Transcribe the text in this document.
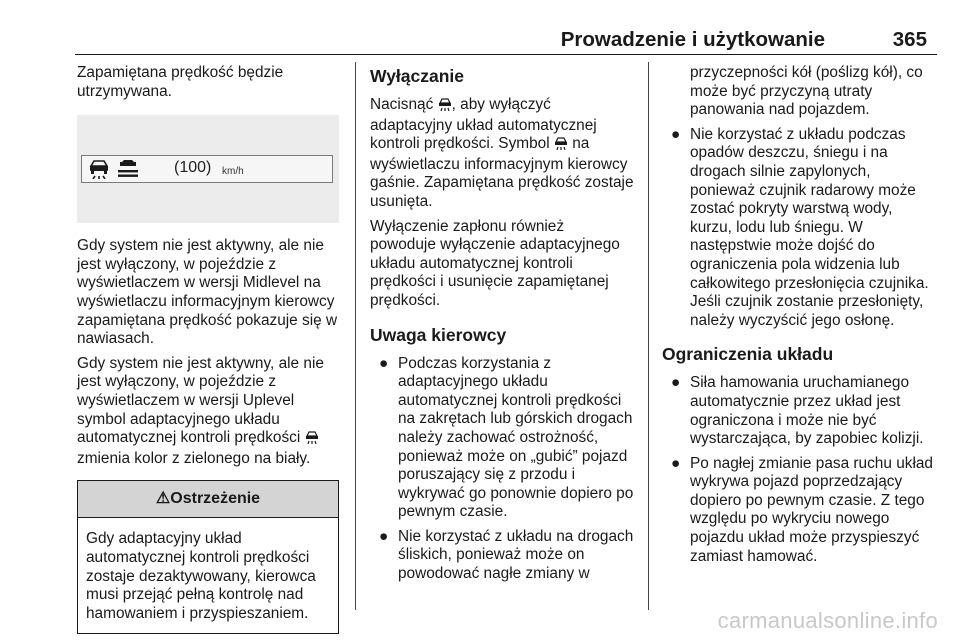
Prowadzenie i użytkowanie	365

Zapamiętana prędkość będzie utrzymywana.

(100) km/h

Gdy system nie jest aktywny, ale nie jest wyłączony, w pojeździe z wyświetlaczem w wersji Midlevel na wyświetlaczu informacyjnym kierowcy zapamiętana prędkość pokazuje się w nawiasach.

Gdy system nie jest aktywny, ale nie jest wyłączony, w pojeździe z wyświetlaczem w wersji Uplevel symbol adaptacyjnego układu automatycznej kontroli prędkości  zmienia kolor z zielonego na biały.

⚠Ostrzeżenie
Gdy adaptacyjny układ automatycznej kontroli prędkości zostaje dezaktywowany, kierowca musi przejąć pełną kontrolę nad hamowaniem i przyspieszaniem.
Wyłączanie

Nacisnąć , aby wyłączyć adaptacyjny układ automatycznej kontroli prędkości. Symbol na wyświetlaczu informacyjnym kierowcy gaśnie. Zapamiętana prędkość zostaje usunięta.

Wyłączenie zapłonu również powoduje wyłączenie adaptacyjnego układu automatycznej kontroli prędkości i usunięcie zapamiętanej prędkości.

Uwaga kierowcy
● Podczas korzystania z adaptacyjnego układu automatycznej kontroli prędkości na zakrętach lub górskich drogach należy zachować ostrożność, ponieważ może on „gubić” pojazd poruszający się z przodu i wykrywać go ponownie dopiero po pewnym czasie.
● Nie korzystać z układu na drogach śliskich, ponieważ może on powodować nagłe zmiany w
przyczepności kół (poślizg kół), co może być przyczyną utraty panowania nad pojazdem.
● Nie korzystać z układu podczas opadów deszczu, śniegu i na drogach silnie zapylonych, ponieważ czujnik radarowy może zostać pokryty warstwą wody, kurzu, lodu lub śniegu. W następstwie może dojść do ograniczenia pola widzenia lub całkowitego przesłonięcia czujnika. Jeśli czujnik zostanie przesłonięty, należy wyczyścić jego osłonę.
Ograniczenia układu
● Siła hamowania uruchamianego automatycznie przez układ jest ograniczona i może nie być wystarczająca, by zapobiec kolizji.
● Po nagłej zmianie pasa ruchu układ wykrywa pojazd poprzedzający dopiero po pewnym czasie. Z tego względu po wykryciu nowego pojazdu układ może przyspieszyć zamiast hamować.
carmanualsonline.info
